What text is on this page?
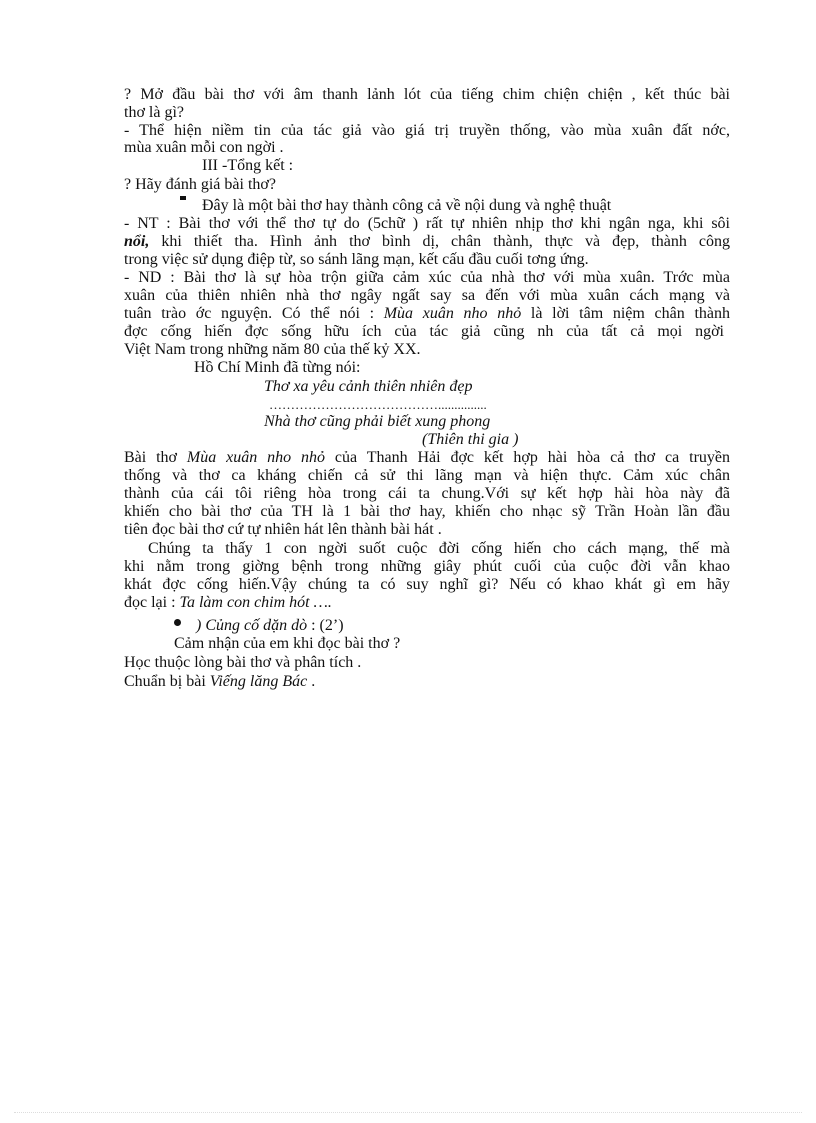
? Mở đầu bài thơ với âm thanh lảnh lót của tiếng chim chiện chiện , kết thúc bài
thơ là gì?
- Thể hiện niềm tin của tác giả vào giá trị truyền thống, vào mùa xuân đất nớc,
mùa xuân mỗi con ngời .
III -Tổng kết :
? Hãy đánh giá bài thơ?
Đây là một bài thơ hay thành công cả về nội dung và nghệ thuật
- NT : Bài thơ với thể thơ tự do (5chữ ) rất tự nhiên nhịp thơ khi ngân nga, khi sôi
nổi, khi thiết tha. Hình ảnh thơ bình dị, chân thành, thực và đẹp, thành công
trong việc sử dụng điệp từ, so sánh lãng mạn, kết cấu đầu cuối tơng ứng.
- ND : Bài thơ là sự hòa trộn giữa cảm xúc của nhà thơ với mùa xuân. Trớc mùa
xuân của thiên nhiên nhà thơ ngây ngất say sa đến với mùa xuân cách mạng và
tuân trào ớc nguyện. Có thể nói : Mùa xuân nho nhỏ là lời tâm niệm chân thành
đợc cống hiến đợc sống hữu ích của tác giả cũng nh của tất cả mọi ngời
Việt Nam trong những năm 80 của thế kỷ XX.
Hồ Chí Minh đã từng nói:
Thơ xa yêu cảnh thiên nhiên đẹp
…………………………………...............
Nhà thơ cũng phải biết xung phong
(Thiên thi gia )
Bài thơ Mùa xuân nho nhỏ của Thanh Hải đợc kết hợp hài hòa cả thơ ca truyền
thống và thơ ca kháng chiến cả sử thi lãng mạn và hiện thực. Cảm xúc chân
thành của cái tôi riêng hòa trong cái ta chung.Với sự kết hợp hài hòa này đã
khiến cho bài thơ của TH là 1 bài thơ hay, khiến cho nhạc sỹ Trần Hoàn lần đầu
tiên đọc bài thơ cứ tự nhiên hát lên thành bài hát .
Chúng ta thấy 1 con ngời suốt cuộc đời cống hiến cho cách mạng, thế mà
khi nằm trong giờng bệnh trong những giây phút cuối của cuộc đời vẫn khao
khát đợc cống hiến.Vậy chúng ta có suy nghĩ gì? Nếu có khao khát gì em hãy
đọc lại : Ta làm con chim hót ….
) Củng cố dặn dò : (2’)
Cảm nhận của em khi đọc bài thơ ?
Học thuộc lòng bài thơ và phân tích .
Chuẩn bị bài Viếng lăng Bác .
